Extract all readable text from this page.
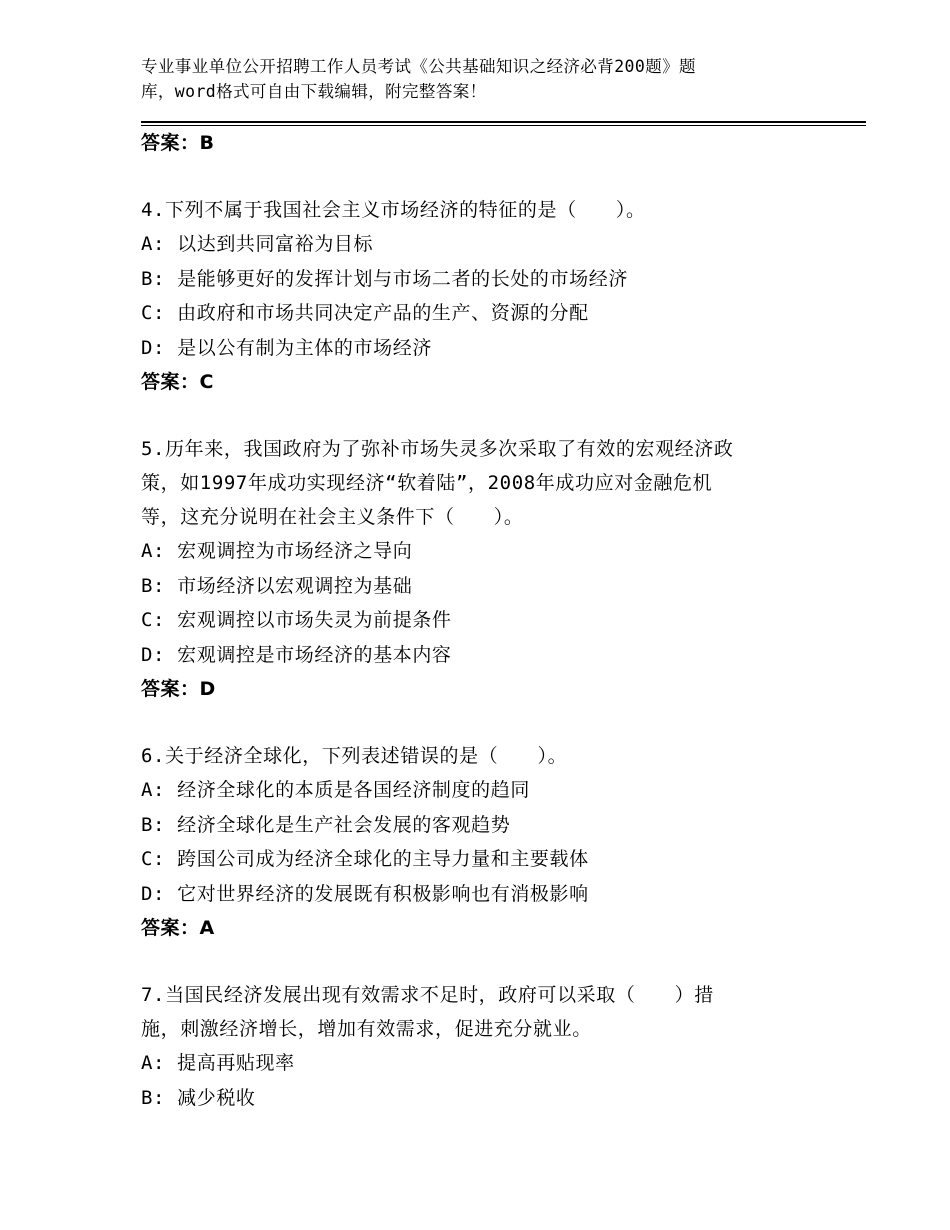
专业事业单位公开招聘工作人员考试《公共基础知识之经济必背200题》题
库，word格式可自由下载编辑，附完整答案！
答案：B
4.下列不属于我国社会主义市场经济的特征的是（　　）。
A: 以达到共同富裕为目标
B: 是能够更好的发挥计划与市场二者的长处的市场经济
C: 由政府和市场共同决定产品的生产、资源的分配
D: 是以公有制为主体的市场经济
答案：C
5.历年来，我国政府为了弥补市场失灵多次采取了有效的宏观经济政
策，如1997年成功实现经济“软着陆”，2008年成功应对金融危机
等，这充分说明在社会主义条件下（　　）。
A: 宏观调控为市场经济之导向
B: 市场经济以宏观调控为基础
C: 宏观调控以市场失灵为前提条件
D: 宏观调控是市场经济的基本内容
答案：D
6.关于经济全球化，下列表述错误的是（　　）。
A: 经济全球化的本质是各国经济制度的趋同
B: 经济全球化是生产社会发展的客观趋势
C: 跨国公司成为经济全球化的主导力量和主要载体
D: 它对世界经济的发展既有积极影响也有消极影响
答案：A
7.当国民经济发展出现有效需求不足时，政府可以采取（　　）措
施，刺激经济增长，增加有效需求，促进充分就业。
A: 提高再贴现率
B: 减少税收
